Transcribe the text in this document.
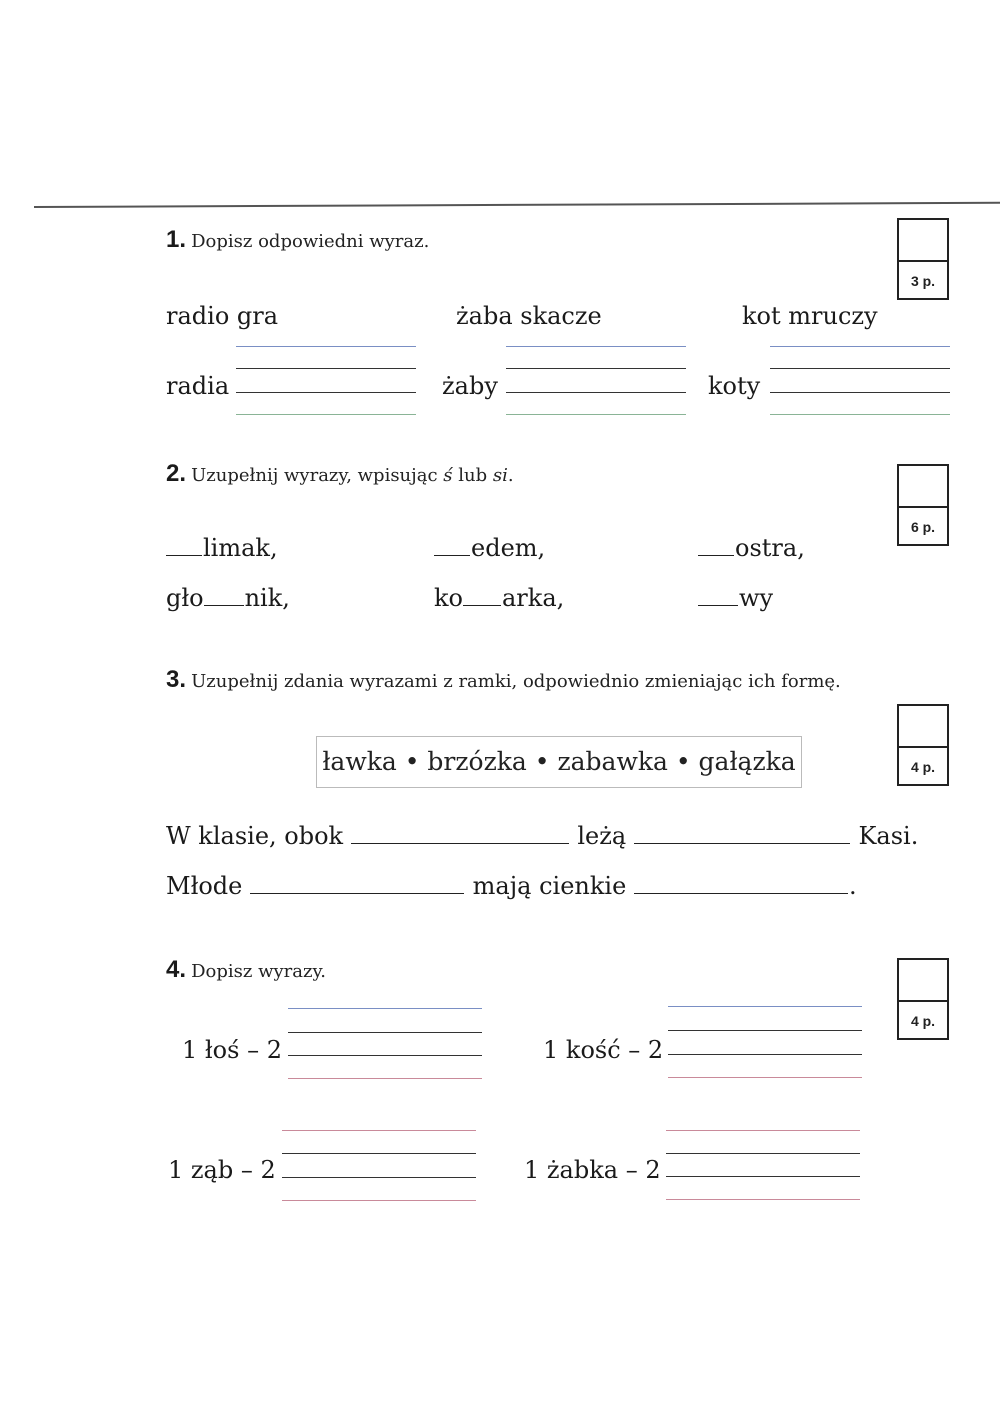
1. Dopisz odpowiedni wyraz.
3 p.
radio gra	żaba skacze	kot mruczy
radia	żaby	koty
2. Uzupełnij wyrazy, wpisując ś lub si.
6 p.
limak,	edem,	ostra,
gło nik,	ko arka,	wy
3. Uzupełnij zdania wyrazami z ramki, odpowiednio zmieniając ich formę.
4 p.
ławka • brzózka • zabawka • gałązka
W klasie, obok	leżą	Kasi.
Młode	mają cienkie	.
4. Dopisz wyrazy.
4 p.
1 łoś – 2	1 kość – 2
1 ząb – 2	1 żabka – 2
